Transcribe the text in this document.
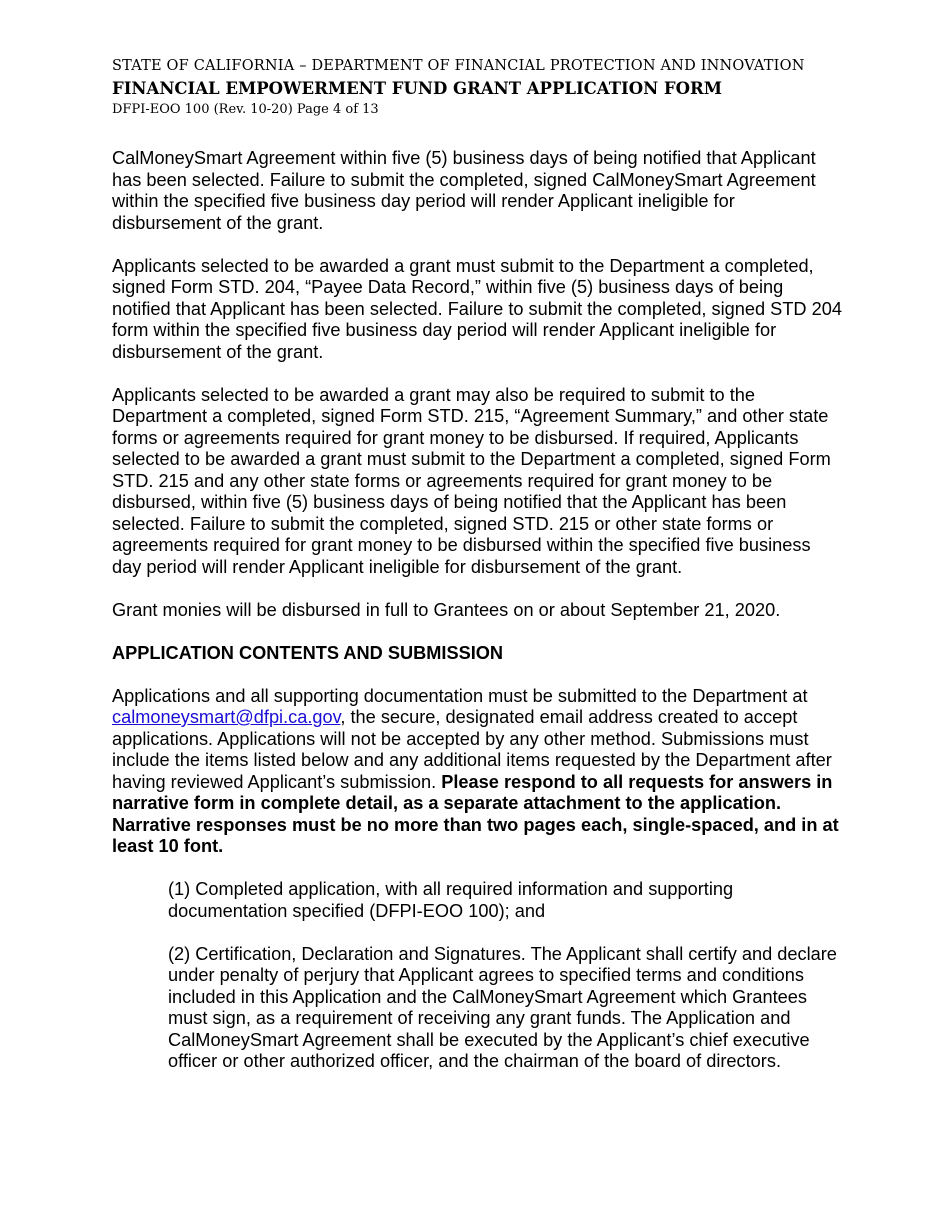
STATE OF CALIFORNIA – DEPARTMENT OF FINANCIAL PROTECTION AND INNOVATION
FINANCIAL EMPOWERMENT FUND GRANT APPLICATION FORM
DFPI-EOO 100 (Rev. 10-20) Page 4 of 13

CalMoneySmart Agreement within five (5) business days of being notified that Applicant has been selected. Failure to submit the completed, signed CalMoneySmart Agreement within the specified five business day period will render Applicant ineligible for disbursement of the grant.

Applicants selected to be awarded a grant must submit to the Department a completed, signed Form STD. 204, “Payee Data Record,” within five (5) business days of being notified that Applicant has been selected. Failure to submit the completed, signed STD 204 form within the specified five business day period will render Applicant ineligible for disbursement of the grant.

Applicants selected to be awarded a grant may also be required to submit to the Department a completed, signed Form STD. 215, “Agreement Summary,” and other state forms or agreements required for grant money to be disbursed. If required, Applicants selected to be awarded a grant must submit to the Department a completed, signed Form STD. 215 and any other state forms or agreements required for grant money to be disbursed, within five (5) business days of being notified that the Applicant has been selected. Failure to submit the completed, signed STD. 215 or other state forms or agreements required for grant money to be disbursed within the specified five business day period will render Applicant ineligible for disbursement of the grant.

Grant monies will be disbursed in full to Grantees on or about September 21, 2020.

APPLICATION CONTENTS AND SUBMISSION

Applications and all supporting documentation must be submitted to the Department at calmoneysmart@dfpi.ca.gov, the secure, designated email address created to accept applications. Applications will not be accepted by any other method. Submissions must include the items listed below and any additional items requested by the Department after having reviewed Applicant’s submission. Please respond to all requests for answers in narrative form in complete detail, as a separate attachment to the application. Narrative responses must be no more than two pages each, single-spaced, and in at least 10 font.

(1) Completed application, with all required information and supporting documentation specified (DFPI-EOO 100); and

(2) Certification, Declaration and Signatures. The Applicant shall certify and declare under penalty of perjury that Applicant agrees to specified terms and conditions included in this Application and the CalMoneySmart Agreement which Grantees must sign, as a requirement of receiving any grant funds. The Application and CalMoneySmart Agreement shall be executed by the Applicant’s chief executive officer or other authorized officer, and the chairman of the board of directors.
